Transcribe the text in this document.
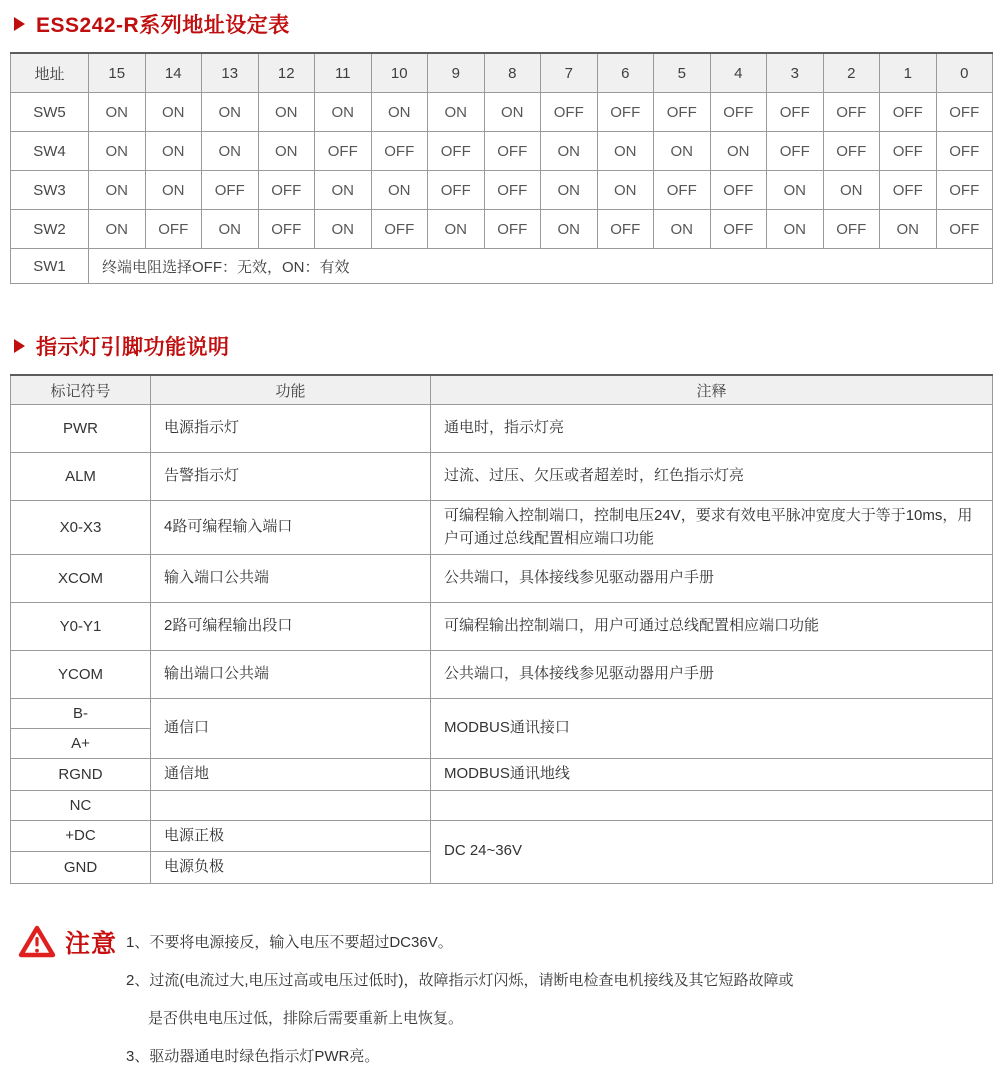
ESS242-R系列地址设定表
地址	15	14	13	12	11	10	9	8	7	6	5	4	3	2	1	0
SW5	ON	ON	ON	ON	ON	ON	ON	ON	OFF	OFF	OFF	OFF	OFF	OFF	OFF	OFF
SW4	ON	ON	ON	ON	OFF	OFF	OFF	OFF	ON	ON	ON	ON	OFF	OFF	OFF	OFF
SW3	ON	ON	OFF	OFF	ON	ON	OFF	OFF	ON	ON	OFF	OFF	ON	ON	OFF	OFF
SW2	ON	OFF	ON	OFF	ON	OFF	ON	OFF	ON	OFF	ON	OFF	ON	OFF	ON	OFF
SW1	终端电阻选择OFF：无效，ON：有效															
指示灯引脚功能说明
标记符号	功能	注释
PWR	电源指示灯	通电时，指示灯亮
ALM	告警指示灯	过流、过压、欠压或者超差时，红色指示灯亮
X0-X3	4路可编程输入端口	可编程输入控制端口，控制电压24V，要求有效电平脉冲宽度大于等于10ms，用户可通过总线配置相应端口功能
XCOM	输入端口公共端	公共端口，具体接线参见驱动器用户手册
Y0-Y1	2路可编程输出段口	可编程输出控制端口，用户可通过总线配置相应端口功能
YCOM	输出端口公共端	公共端口，具体接线参见驱动器用户手册
B-	通信口	MODBUS通讯接口
A+		
RGND	通信地	MODBUS通讯地线
NC		
+DC	电源正极	DC 24~36V
GND	电源负极	
注意 1、不要将电源接反，输入电压不要超过DC36V。
2、过流(电流过大,电压过高或电压过低时)，故障指示灯闪烁，请断电检查电机接线及其它短路故障或
是否供电电压过低，排除后需要重新上电恢复。
3、驱动器通电时绿色指示灯PWR亮。
